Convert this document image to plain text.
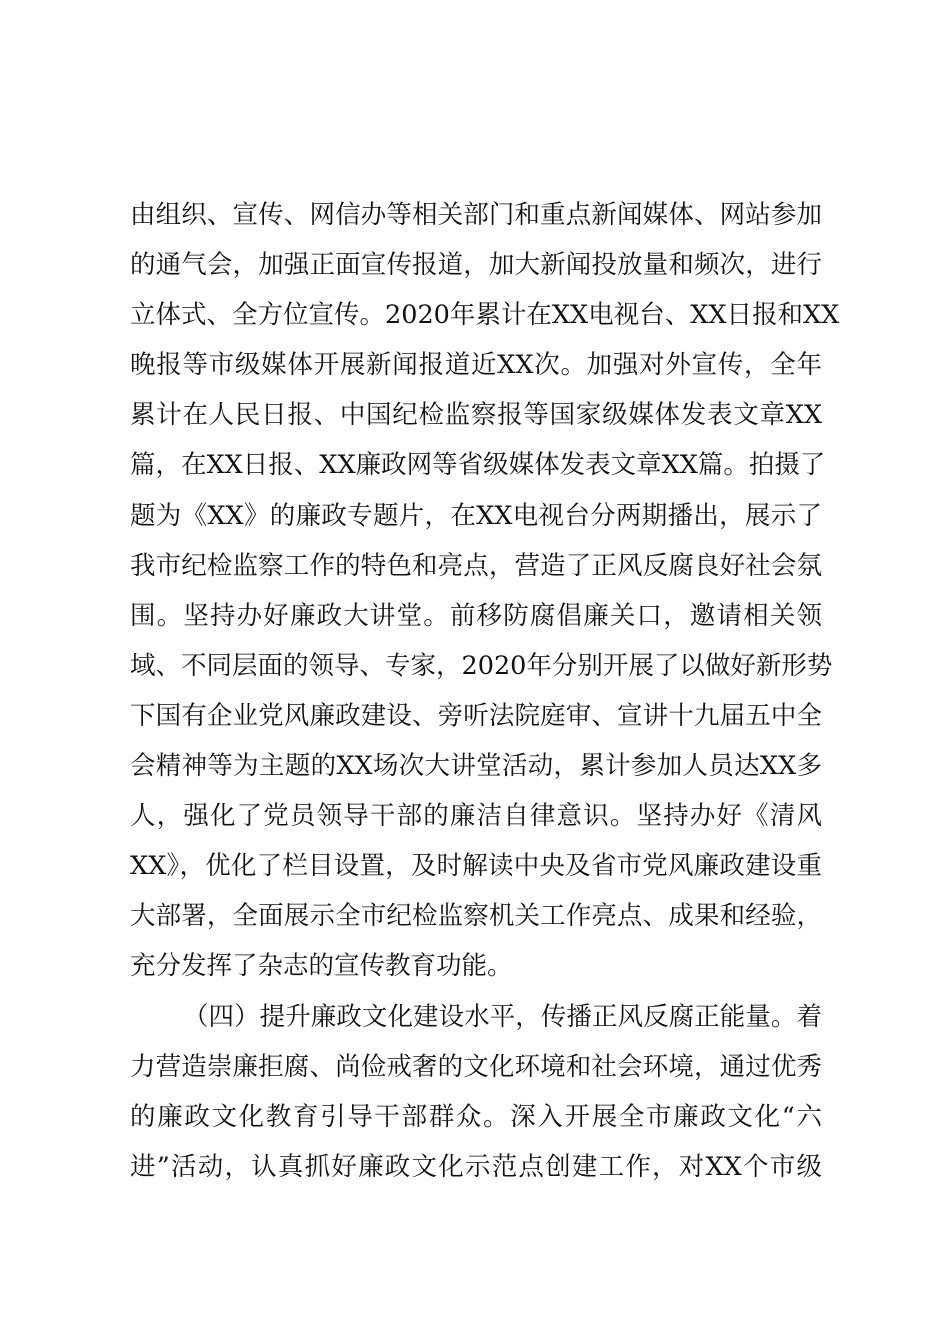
由组织、宣传、网信办等相关部门和重点新闻媒体、网站参加
的通气会，加强正面宣传报道，加大新闻投放量和频次，进行
立体式、全方位宣传。2020年累计在XX电视台、XX日报和XX
晚报等市级媒体开展新闻报道近XX次。加强对外宣传，全年
累计在人民日报、中国纪检监察报等国家级媒体发表文章XX
篇，在XX日报、XX廉政网等省级媒体发表文章XX篇。拍摄了
题为《XX》的廉政专题片，在XX电视台分两期播出，展示了
我市纪检监察工作的特色和亮点，营造了正风反腐良好社会氛
围。坚持办好廉政大讲堂。前移防腐倡廉关口，邀请相关领
域、不同层面的领导、专家，2020年分别开展了以做好新形势
下国有企业党风廉政建设、旁听法院庭审、宣讲十九届五中全
会精神等为主题的XX场次大讲堂活动，累计参加人员达XX多
人，强化了党员领导干部的廉洁自律意识。坚持办好《清风
XX》，优化了栏目设置，及时解读中央及省市党风廉政建设重
大部署，全面展示全市纪检监察机关工作亮点、成果和经验，
充分发挥了杂志的宣传教育功能。
（四）提升廉政文化建设水平，传播正风反腐正能量。着
力营造崇廉拒腐、尚俭戒奢的文化环境和社会环境，通过优秀
的廉政文化教育引导干部群众。深入开展全市廉政文化“六
进”活动，认真抓好廉政文化示范点创建工作，对XX个市级
